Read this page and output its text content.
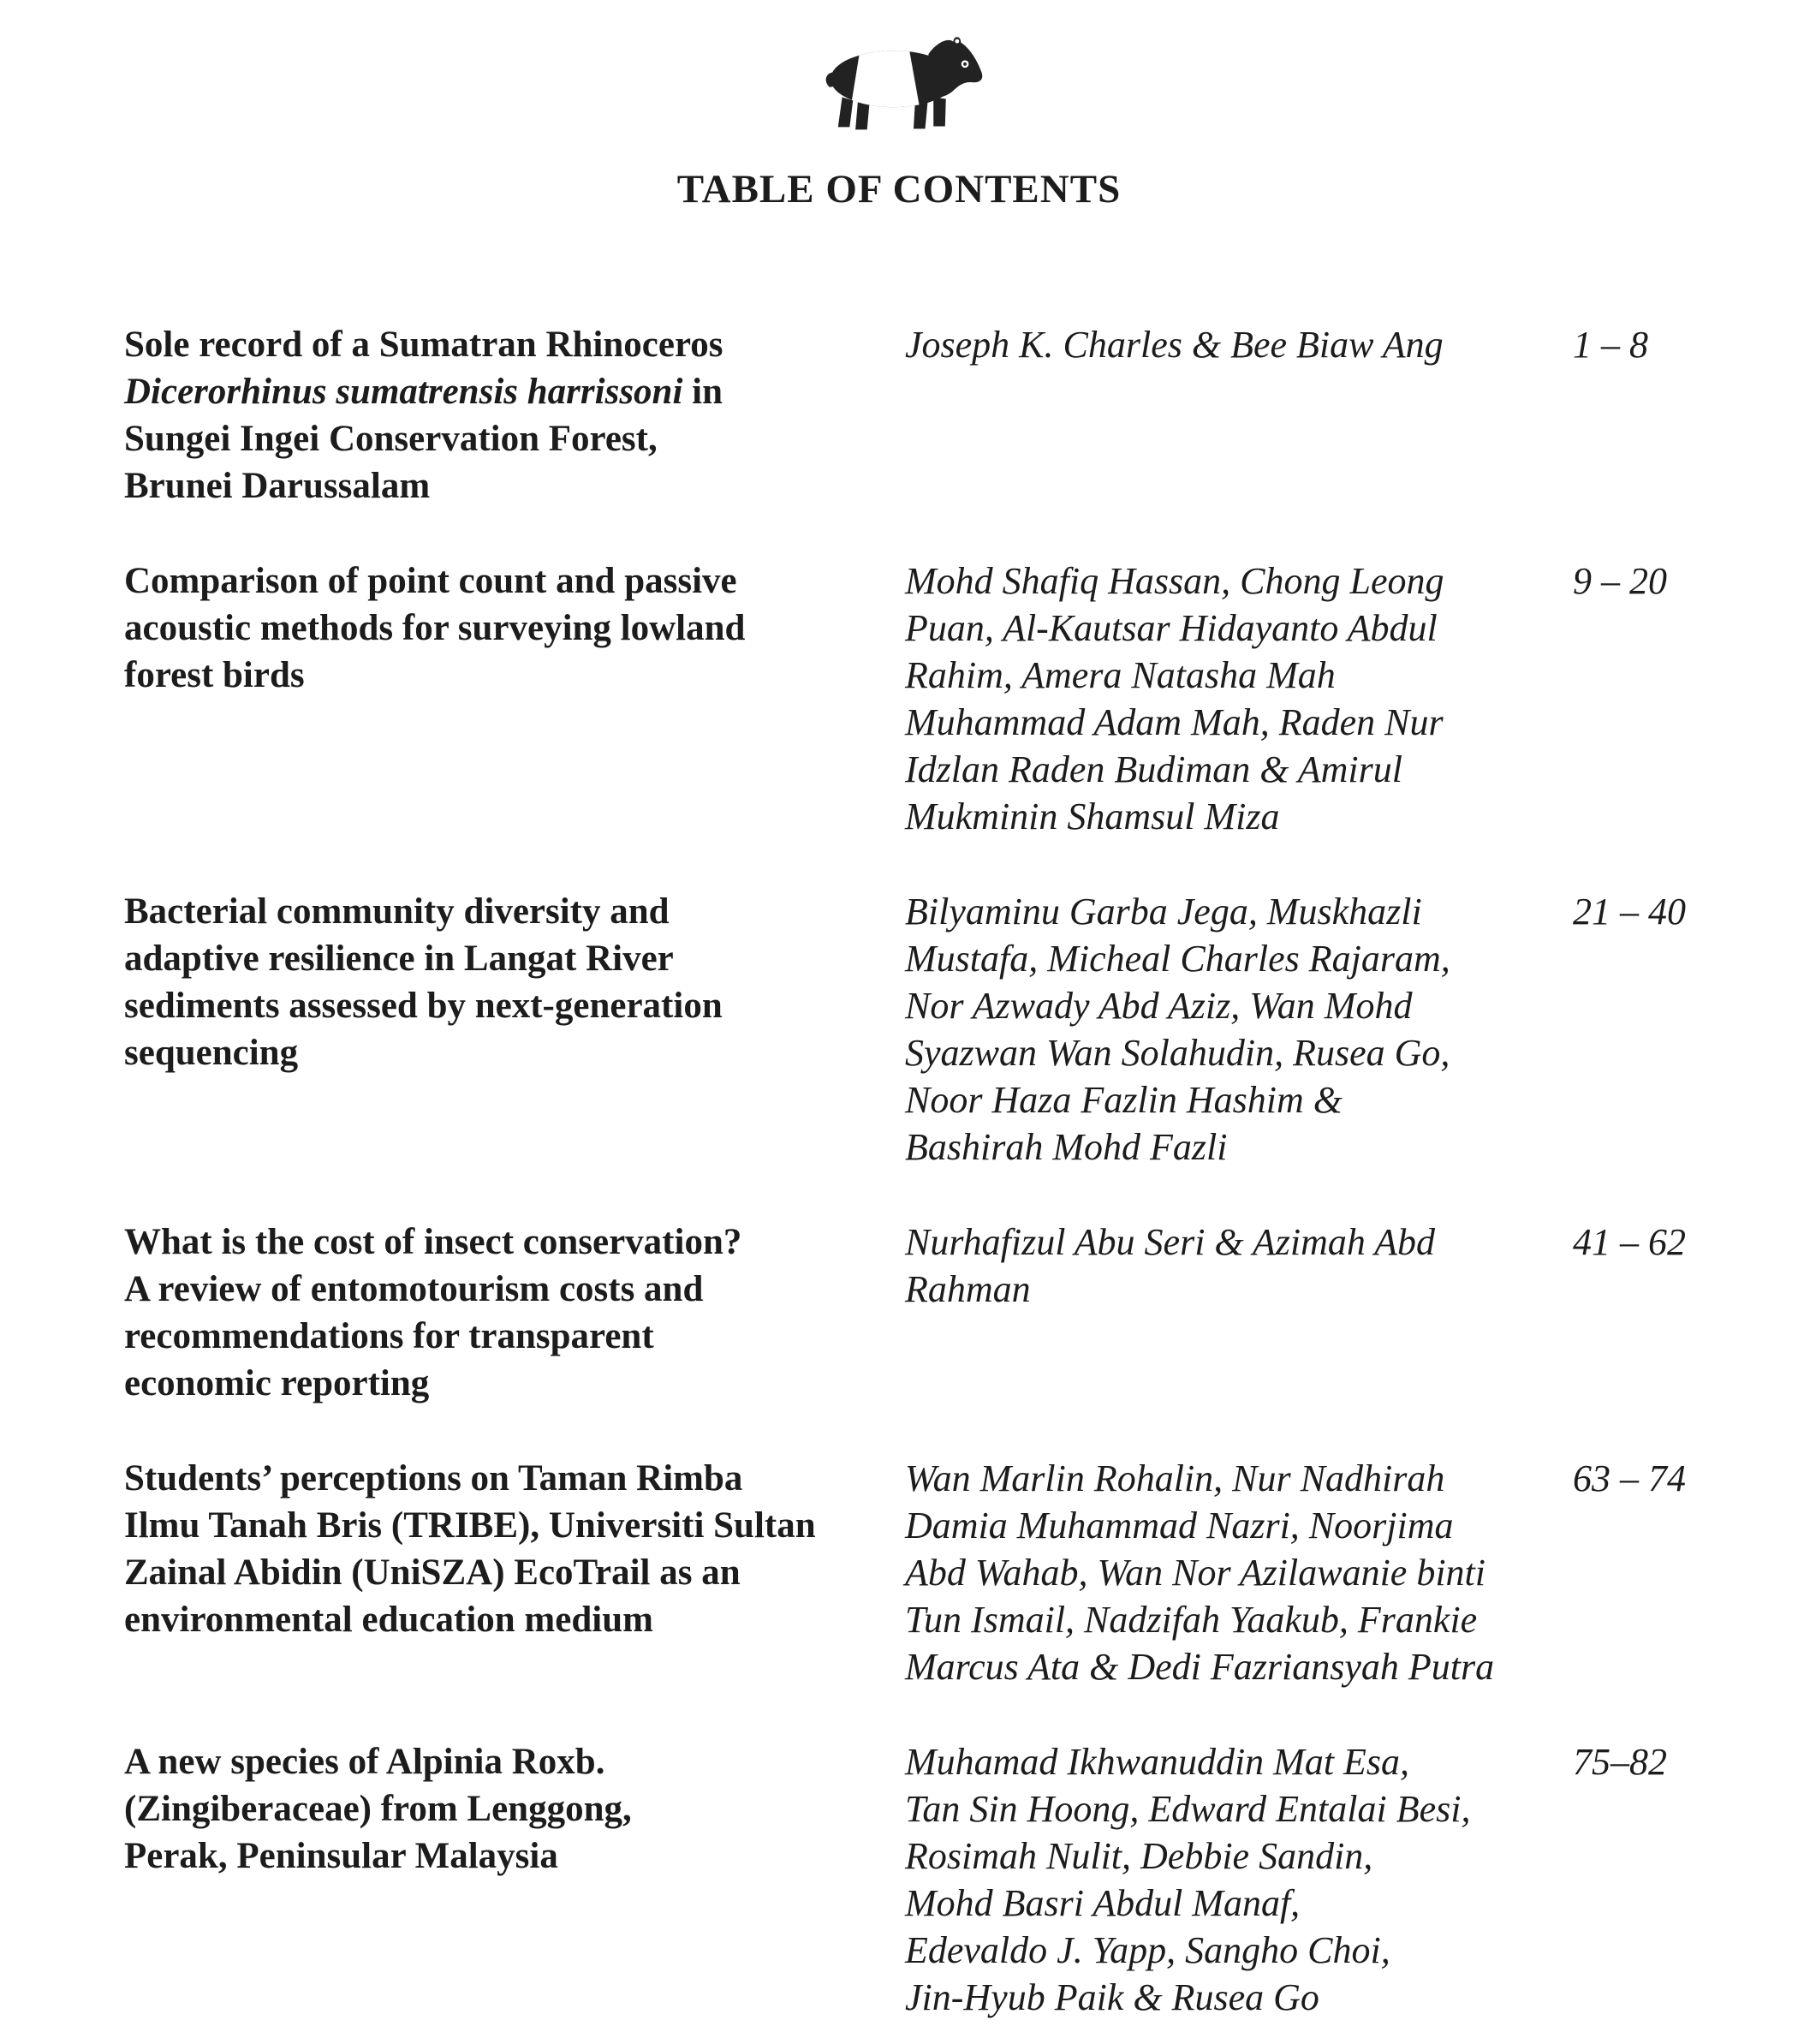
TABLE OF CONTENTS
Sole record of a Sumatran Rhinoceros
Dicerorhinus sumatrensis harrissoni in
Sungei Ingei Conservation Forest,
Brunei Darussalam
Joseph K. Charles & Bee Biaw Ang	1 – 8
Comparison of point count and passive
acoustic methods for surveying lowland
forest birds
Mohd Shafiq Hassan, Chong Leong
Puan, Al-Kautsar Hidayanto Abdul
Rahim, Amera Natasha Mah
Muhammad Adam Mah, Raden Nur
Idzlan Raden Budiman & Amirul
Mukminin Shamsul Miza
9 – 20
Bacterial community diversity and
adaptive resilience in Langat River
sediments assessed by next-generation
sequencing
Bilyaminu Garba Jega, Muskhazli
Mustafa, Micheal Charles Rajaram,
Nor Azwady Abd Aziz, Wan Mohd
Syazwan Wan Solahudin, Rusea Go,
Noor Haza Fazlin Hashim &
Bashirah Mohd Fazli
21 – 40
What is the cost of insect conservation?
A review of entomotourism costs and
recommendations for transparent
economic reporting
Nurhafizul Abu Seri & Azimah Abd
Rahman
41 – 62
Students’ perceptions on Taman Rimba
Ilmu Tanah Bris (TRIBE), Universiti Sultan
Zainal Abidin (UniSZA) EcoTrail as an
environmental education medium
Wan Marlin Rohalin, Nur Nadhirah
Damia Muhammad Nazri, Noorjima
Abd Wahab, Wan Nor Azilawanie binti
Tun Ismail, Nadzifah Yaakub, Frankie
Marcus Ata & Dedi Fazriansyah Putra
63 – 74
A new species of Alpinia Roxb.
(Zingiberaceae) from Lenggong,
Perak, Peninsular Malaysia
Muhamad Ikhwanuddin Mat Esa,
Tan Sin Hoong, Edward Entalai Besi,
Rosimah Nulit, Debbie Sandin,
Mohd Basri Abdul Manaf,
Edevaldo J. Yapp, Sangho Choi,
Jin-Hyub Paik & Rusea Go
75–82
